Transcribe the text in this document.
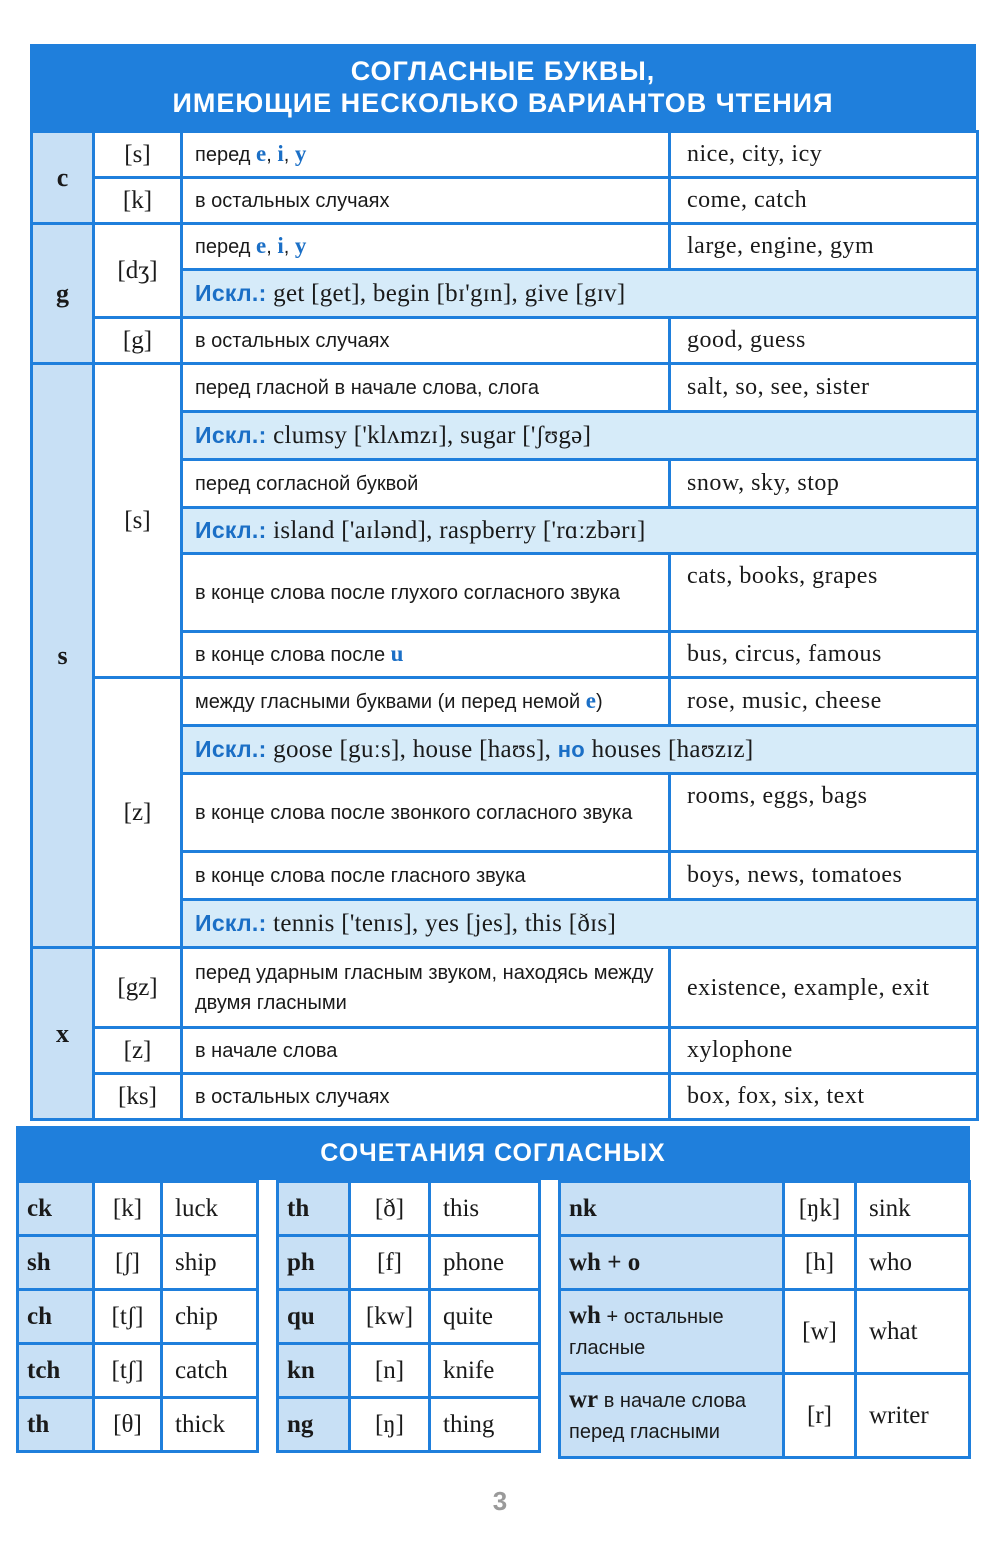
СОГЛАСНЫЕ БУКВЫ,
ИМЕЮЩИЕ НЕСКОЛЬКО ВАРИАНТОВ ЧТЕНИЯ
c	[s]	перед e, i, y	nice, city, icy
	[k]	в остальных случаях	come, catch
g	[dʒ]	перед e, i, y	large, engine, gym
		Искл.: get [get], begin [bɪ'gɪn], give [gɪv]	
	[g]	в остальных случаях	good, guess
s	[s]	перед гласной в начале слова, слога	salt, so, see, sister
		Искл.: clumsy ['klʌmzɪ], sugar ['ʃʊgə]	
		перед согласной буквой	snow, sky, stop
		Искл.: island ['aɪlənd], raspberry ['rɑːzbərɪ]	
		в конце слова после глухого согласного звука	cats, books, grapes
		в конце слова после u	bus, circus, famous
	[z]	между гласными буквами (и перед немой e)	rose, music, cheese
		Искл.: goose [guːs], house [haʊs], но houses [haʊzɪz]	
		в конце слова после звонкого согласного звука	rooms, eggs, bags
		в конце слова после гласного звука	boys, news, tomatoes
		Искл.: tennis ['tenɪs], yes [jes], this [ðɪs]	
x	[gz]	перед ударным гласным звуком, находясь между двумя гласными	existence, example, exit
	[z]	в начале слова	xylophone
	[ks]	в остальных случаях	box, fox, six, text
СОЧЕТАНИЯ СОГЛАСНЫХ
ck	[k]	luck
sh	[ʃ]	ship
ch	[tʃ]	chip
tch	[tʃ]	catch
th	[θ]	thick
th	[ð]	this
ph	[f]	phone
qu	[kw]	quite
kn	[n]	knife
ng	[ŋ]	thing
nk	[ŋk]	sink
wh + o	[h]	who
wh + остальные гласные	[w]	what
wr в начале слова перед гласными	[r]	writer
3
